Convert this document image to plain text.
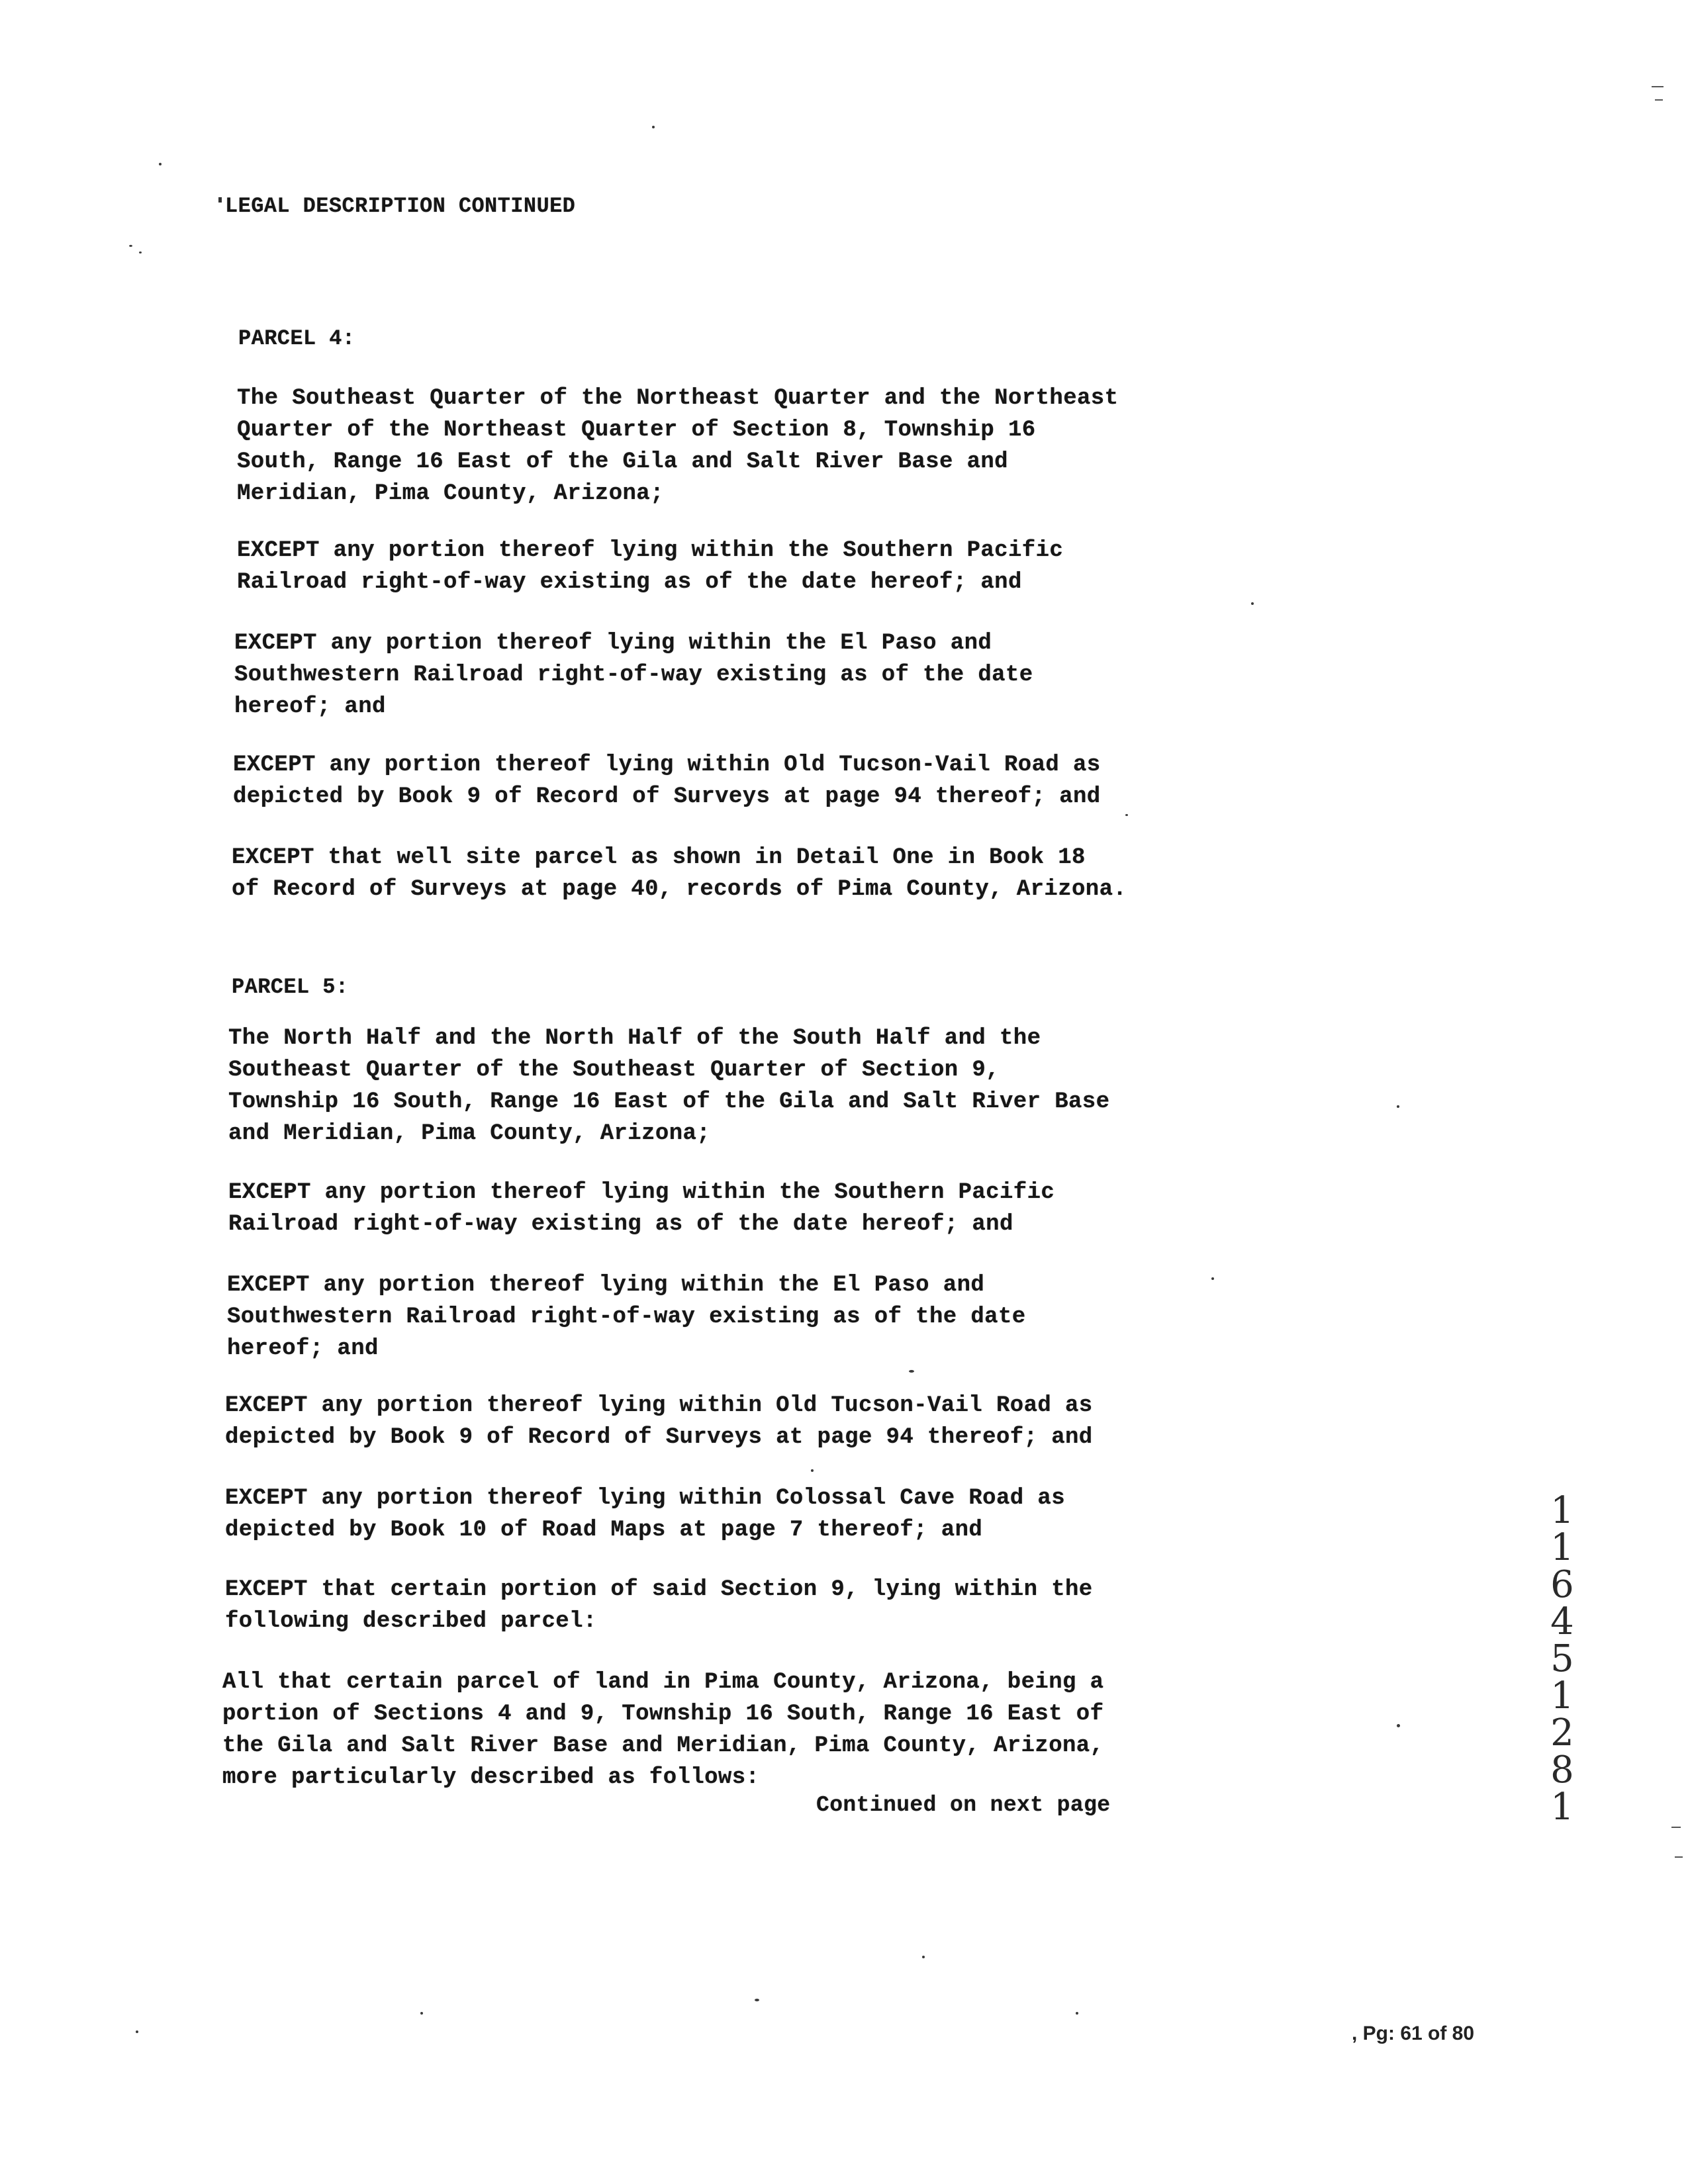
LEGAL DESCRIPTION CONTINUED
PARCEL 4:
The Southeast Quarter of the Northeast Quarter and the Northeast
Quarter of the Northeast Quarter of Section 8, Township 16
South, Range 16 East of the Gila and Salt River Base and
Meridian, Pima County, Arizona;
EXCEPT any portion thereof lying within the Southern Pacific
Railroad right-of-way existing as of the date hereof; and
EXCEPT any portion thereof lying within the El Paso and
Southwestern Railroad right-of-way existing as of the date
hereof; and
EXCEPT any portion thereof lying within Old Tucson-Vail Road as
depicted by Book 9 of Record of Surveys at page 94 thereof; and
EXCEPT that well site parcel as shown in Detail One in Book 18
of Record of Surveys at page 40, records of Pima County, Arizona.
PARCEL 5:
The North Half and the North Half of the South Half and the
Southeast Quarter of the Southeast Quarter of Section 9,
Township 16 South, Range 16 East of the Gila and Salt River Base
and Meridian, Pima County, Arizona;
EXCEPT any portion thereof lying within the Southern Pacific
Railroad right-of-way existing as of the date hereof; and
EXCEPT any portion thereof lying within the El Paso and
Southwestern Railroad right-of-way existing as of the date
hereof; and
EXCEPT any portion thereof lying within Old Tucson-Vail Road as
depicted by Book 9 of Record of Surveys at page 94 thereof; and
EXCEPT any portion thereof lying within Colossal Cave Road as
depicted by Book 10 of Road Maps at page 7 thereof; and
EXCEPT that certain portion of said Section 9, lying within the
following described parcel:
All that certain parcel of land in Pima County, Arizona, being a
portion of Sections 4 and 9, Township 16 South, Range 16 East of
the Gila and Salt River Base and Meridian, Pima County, Arizona,
more particularly described as follows:
Continued on next page
11645 1281
, Pg: 61 of 80
